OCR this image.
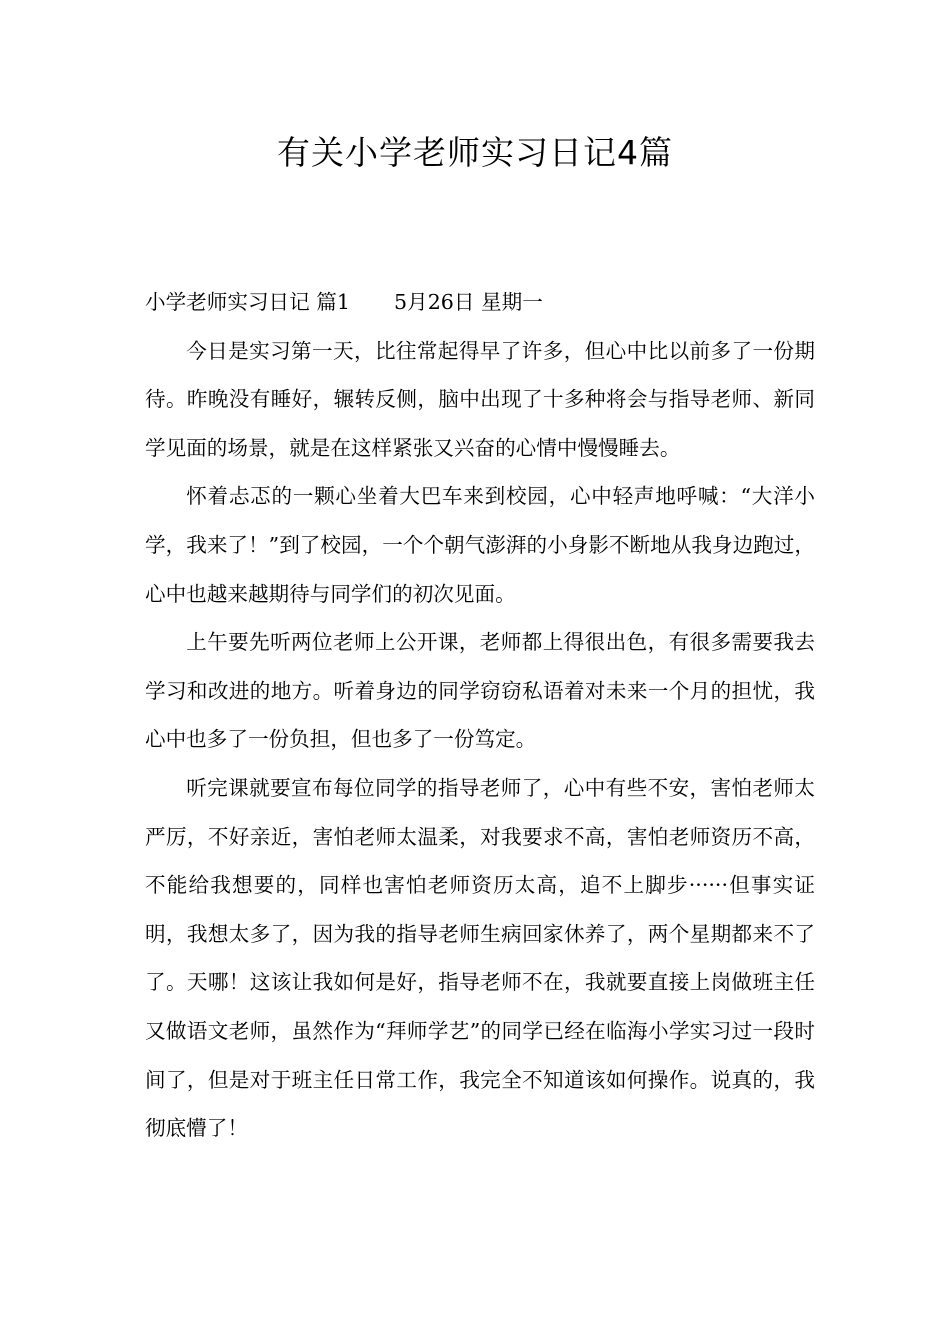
有关小学老师实习日记4篇

小学老师实习日记 篇1 5月26日 星期一

今日是实习第一天，比往常起得早了许多，但心中比以前多了一份期待。昨晚没有睡好，辗转反侧，脑中出现了十多种将会与指导老师、新同学见面的场景，就是在这样紧张又兴奋的心情中慢慢睡去。

怀着忐忑的一颗心坐着大巴车来到校园，心中轻声地呼喊：“大洋小学，我来了！”到了校园，一个个朝气澎湃的小身影不断地从我身边跑过，心中也越来越期待与同学们的初次见面。

上午要先听两位老师上公开课，老师都上得很出色，有很多需要我去学习和改进的地方。听着身边的同学窃窃私语着对未来一个月的担忧，我心中也多了一份负担，但也多了一份笃定。

听完课就要宣布每位同学的指导老师了，心中有些不安，害怕老师太严厉，不好亲近，害怕老师太温柔，对我要求不高，害怕老师资历不高，不能给我想要的，同样也害怕老师资历太高，追不上脚步······但事实证明，我想太多了，因为我的指导老师生病回家休养了，两个星期都来不了了。天哪！这该让我如何是好，指导老师不在，我就要直接上岗做班主任又做语文老师，虽然作为“拜师学艺”的同学已经在临海小学实习过一段时间了，但是对于班主任日常工作，我完全不知道该如何操作。说真的，我彻底懵了！
